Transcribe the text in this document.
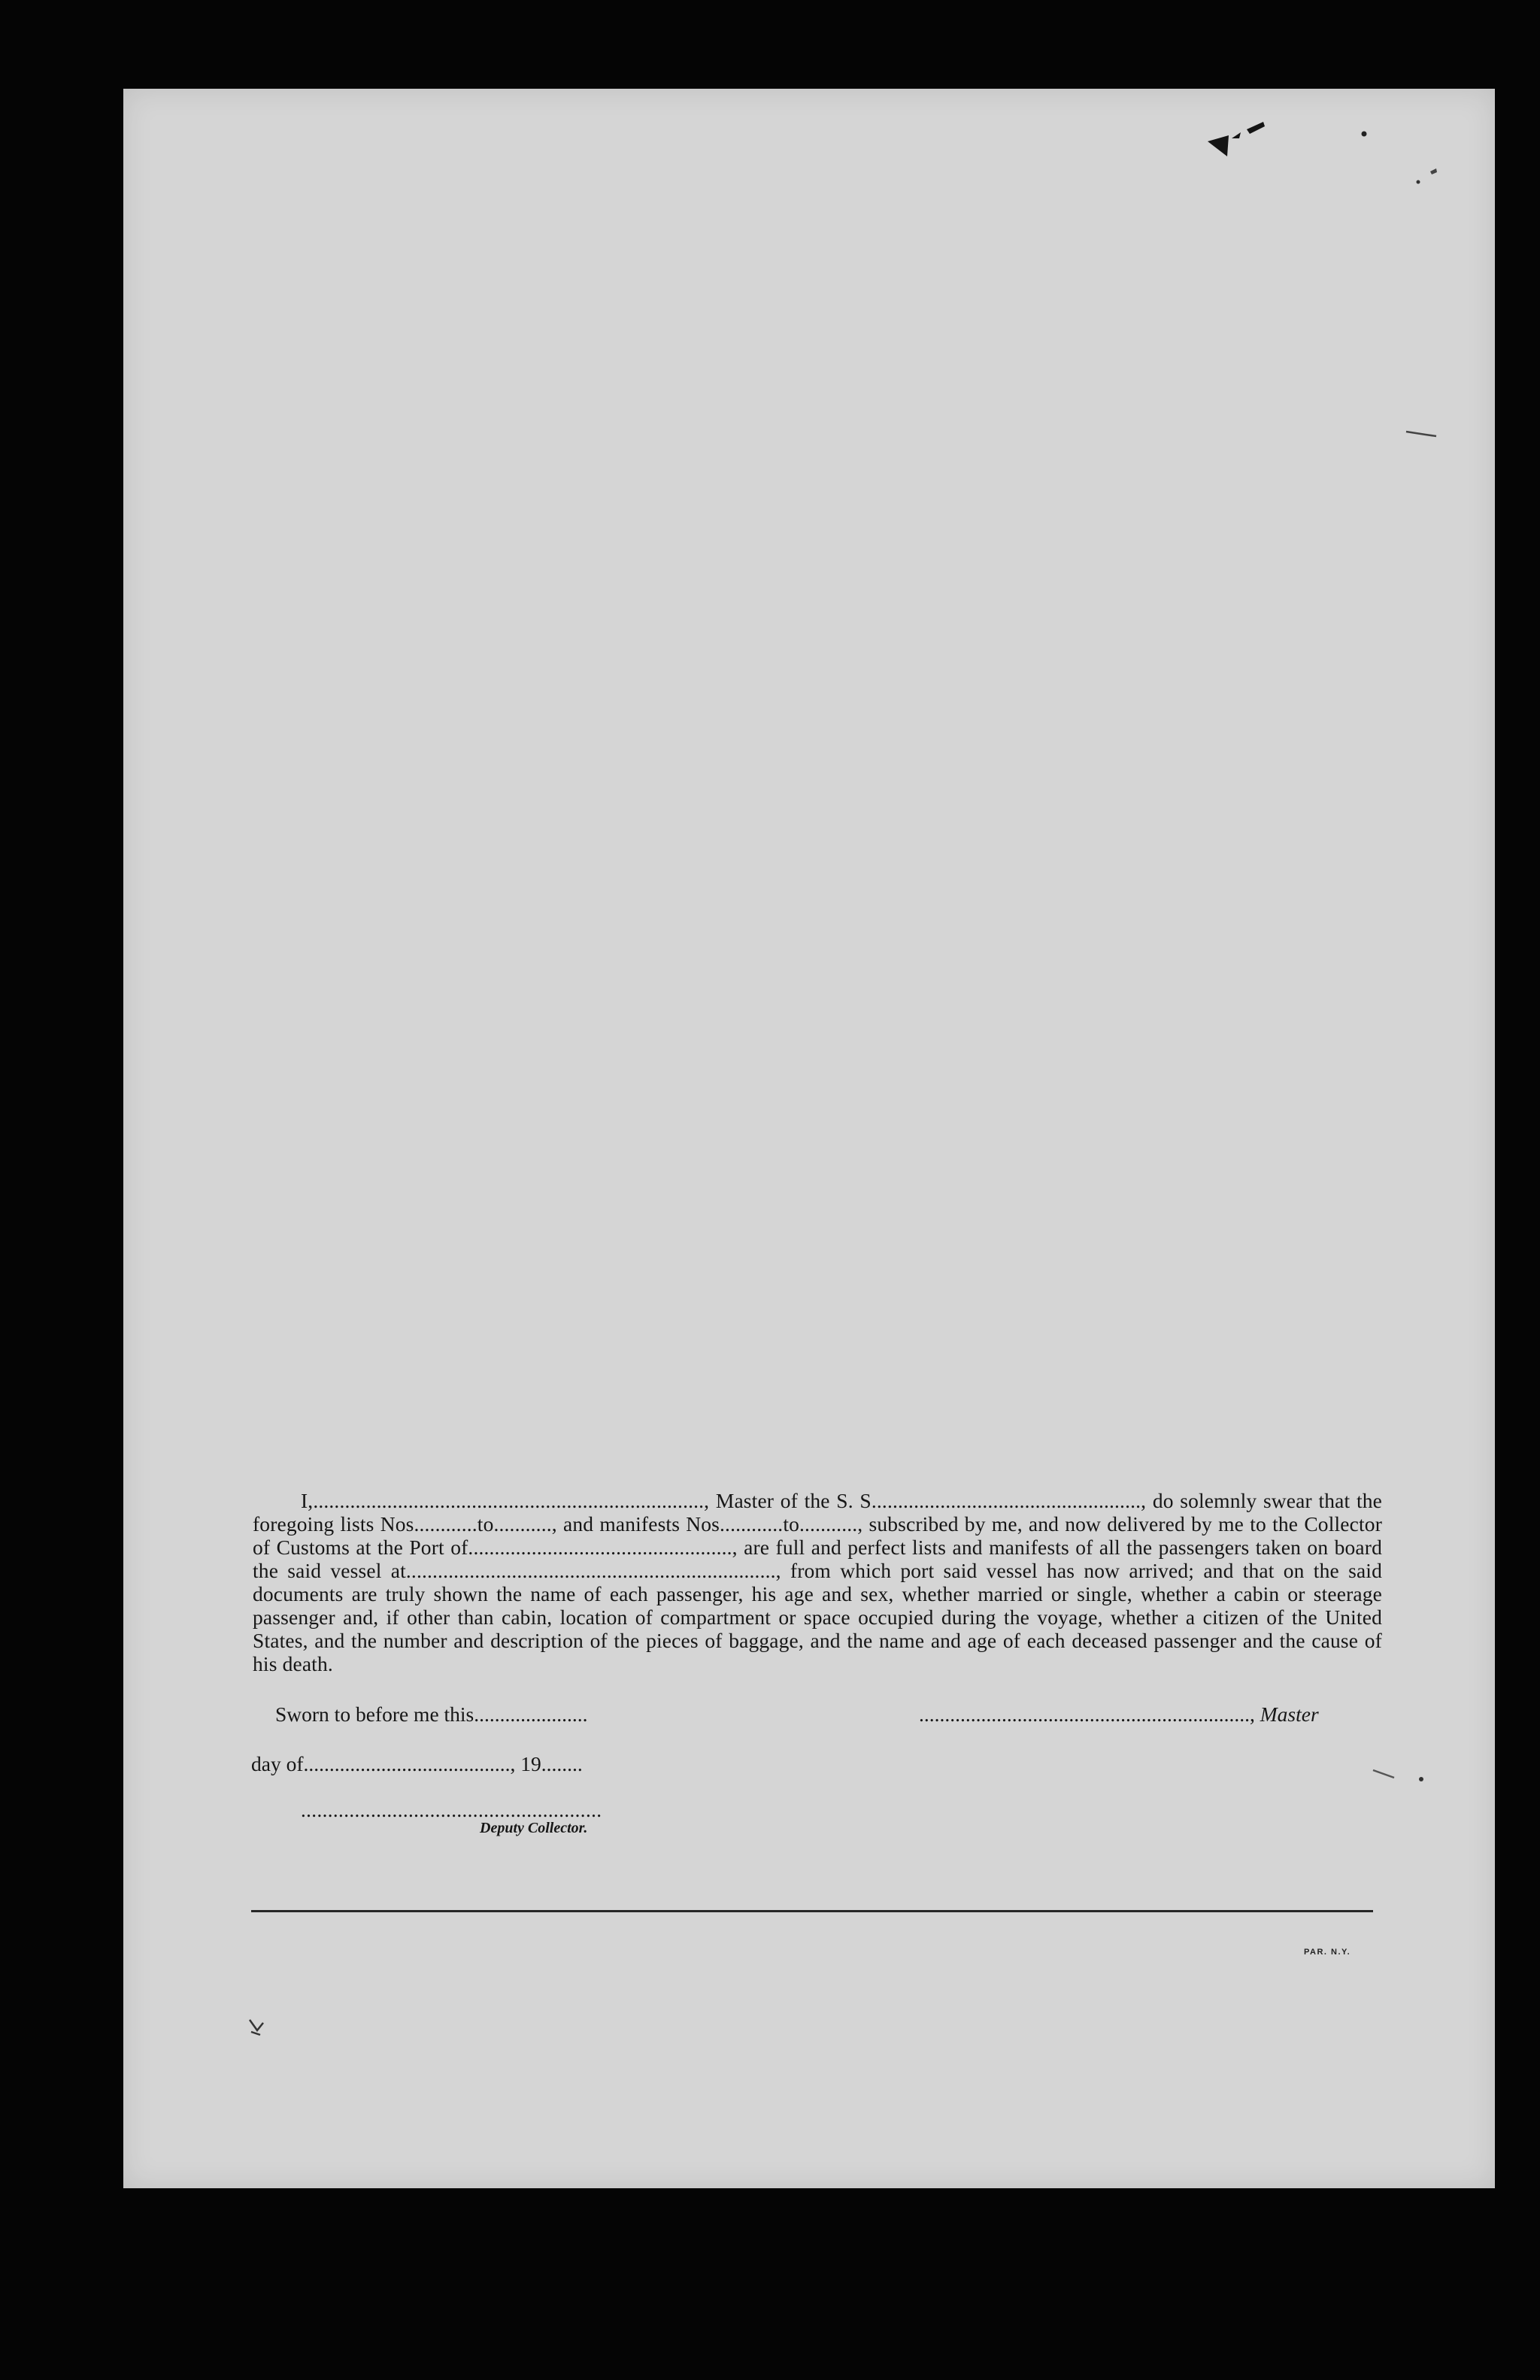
I,.........................................................................., Master of the S. S..................................................., do solemnly swear that the foregoing lists Nos............to..........., and manifests Nos............to..........., subscribed by me, and now delivered by me to the Collector of Customs at the Port of.................................................., are full and perfect lists and manifests of all the passengers taken on board the said vessel at......................................................................, from which port said vessel has now arrived; and that on the said documents are truly shown the name of each passenger, his age and sex, whether married or single, whether a cabin or steerage passenger and, if other than cabin, location of compartment or space occupied during the voyage, whether a citizen of the United States, and the number and description of the pieces of baggage, and the name and age of each deceased passenger and the cause of his death.

Sworn to before me this......................	................................................................, Master
day of........................................, 19........
........................................................
Deputy Collector.
PAR. N.Y.
